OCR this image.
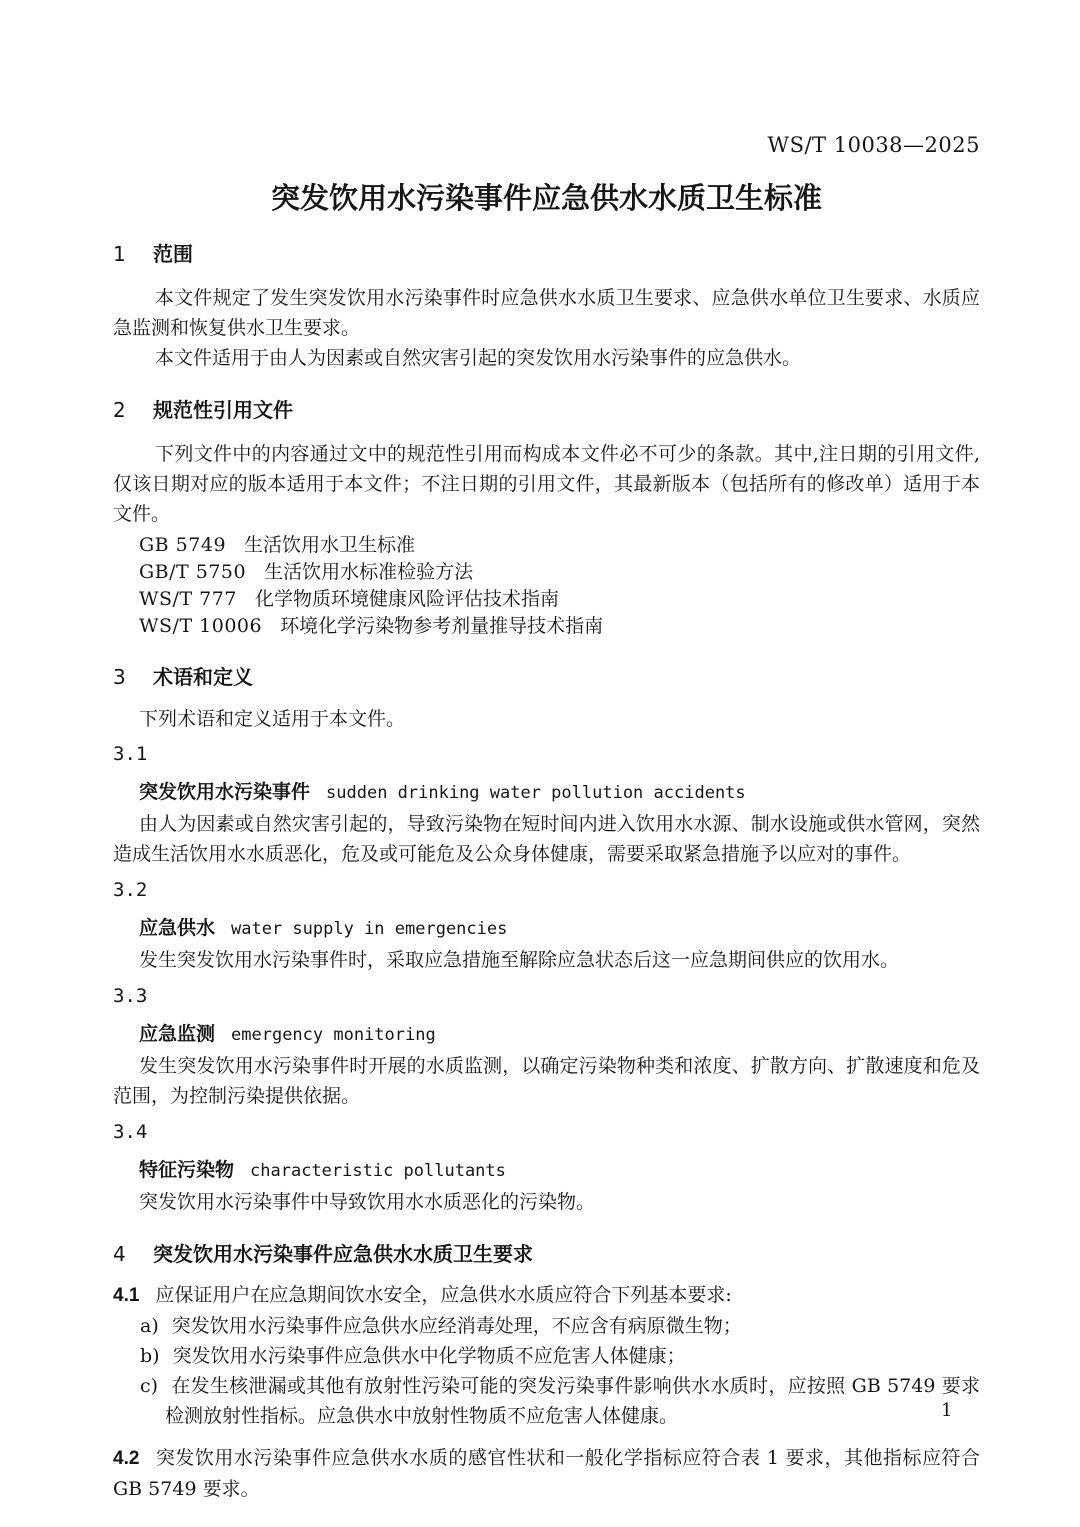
WS/T 10038—2025
突发饮用水污染事件应急供水水质卫生标准
1 范围

本文件规定了发生突发饮用水污染事件时应急供水水质卫生要求、应急供水单位卫生要求、水质应急监测和恢复供水卫生要求。

本文件适用于由人为因素或自然灾害引起的突发饮用水污染事件的应急供水。

2 规范性引用文件

下列文件中的内容通过文中的规范性引用而构成本文件必不可少的条款。其中,注日期的引用文件,仅该日期对应的版本适用于本文件；不注日期的引用文件，其最新版本（包括所有的修改单）适用于本文件。

GB 5749 生活饮用水卫生标准
GB/T 5750 生活饮用水标准检验方法
WS/T 777 化学物质环境健康风险评估技术指南
WS/T 10006 环境化学污染物参考剂量推导技术指南
3 术语和定义

下列术语和定义适用于本文件。

3.1
突发饮用水污染事件 sudden drinking water pollution accidents

由人为因素或自然灾害引起的，导致污染物在短时间内进入饮用水水源、制水设施或供水管网，突然造成生活饮用水水质恶化，危及或可能危及公众身体健康，需要采取紧急措施予以应对的事件。

3.2
应急供水 water supply in emergencies

发生突发饮用水污染事件时，采取应急措施至解除应急状态后这一应急期间供应的饮用水。

3.3
应急监测 emergency monitoring

发生突发饮用水污染事件时开展的水质监测，以确定污染物种类和浓度、扩散方向、扩散速度和危及范围，为控制污染提供依据。

3.4
特征污染物 characteristic pollutants

突发饮用水污染事件中导致饮用水水质恶化的污染物。

4 突发饮用水污染事件应急供水水质卫生要求

4.1 应保证用户在应急期间饮水安全，应急供水水质应符合下列基本要求:

a) 突发饮用水污染事件应急供水应经消毒处理，不应含有病原微生物；

b) 突发饮用水污染事件应急供水中化学物质不应危害人体健康；

c) 在发生核泄漏或其他有放射性污染可能的突发污染事件影响供水水质时，应按照 GB 5749 要求检测放射性指标。应急供水中放射性物质不应危害人体健康。

4.2 突发饮用水污染事件应急供水水质的感官性状和一般化学指标应符合表 1 要求，其他指标应符合 GB 5749 要求。

1
